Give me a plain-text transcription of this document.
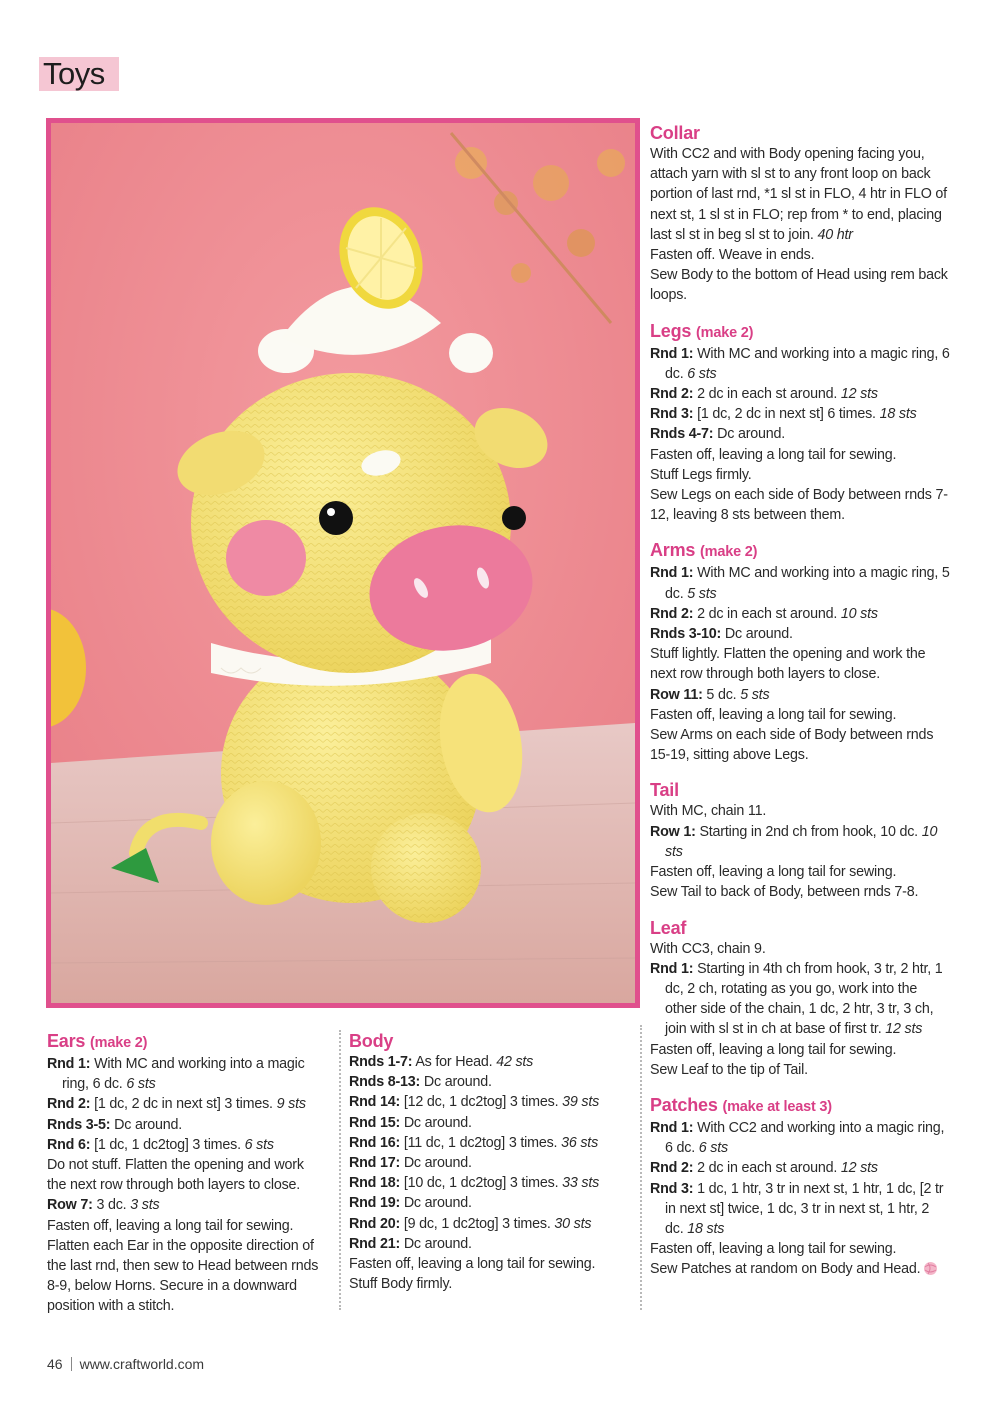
Toys
Collar

With CC2 and with Body opening facing you, attach yarn with sl st to any front loop on back portion of last rnd, *1 sl st in FLO, 4 htr in FLO of next st, 1 sl st in FLO; rep from * to end, placing last sl st in beg sl st to join. 40 htr

Fasten off. Weave in ends.

Sew Body to the bottom of Head using rem back loops.

Legs (make 2)

Rnd 1: With MC and working into a magic ring, 6 dc. 6 sts

Rnd 2: 2 dc in each st around. 12 sts

Rnd 3: [1 dc, 2 dc in next st] 6 times. 18 sts

Rnds 4-7: Dc around.

Fasten off, leaving a long tail for sewing.

Stuff Legs firmly.

Sew Legs on each side of Body between rnds 7-12, leaving 8 sts between them.

Arms (make 2)

Rnd 1: With MC and working into a magic ring, 5 dc. 5 sts

Rnd 2: 2 dc in each st around. 10 sts

Rnds 3-10: Dc around.

Stuff lightly. Flatten the opening and work the next row through both layers to close.

Row 11: 5 dc. 5 sts

Fasten off, leaving a long tail for sewing.

Sew Arms on each side of Body between rnds 15-19, sitting above Legs.

Tail

With MC, chain 11.

Row 1: Starting in 2nd ch from hook, 10 dc. 10 sts

Fasten off, leaving a long tail for sewing.

Sew Tail to back of Body, between rnds 7-8.

Leaf

With CC3, chain 9.

Rnd 1: Starting in 4th ch from hook, 3 tr, 2 htr, 1 dc, 2 ch, rotating as you go, work into the other side of the chain, 1 dc, 2 htr, 3 tr, 3 ch, join with sl st in ch at base of first tr. 12 sts

Fasten off, leaving a long tail for sewing.

Sew Leaf to the tip of Tail.

Patches (make at least 3)

Rnd 1: With CC2 and working into a magic ring, 6 dc. 6 sts

Rnd 2: 2 dc in each st around. 12 sts

Rnd 3: 1 dc, 1 htr, 3 tr in next st, 1 htr, 1 dc, [2 tr in next st] twice, 1 dc, 3 tr in next st, 1 htr, 2 dc. 18 sts

Fasten off, leaving a long tail for sewing.

Sew Patches at random on Body and Head.

Ears (make 2)

Rnd 1: With MC and working into a magic ring, 6 dc. 6 sts

Rnd 2: [1 dc, 2 dc in next st] 3 times. 9 sts

Rnds 3-5: Dc around.

Rnd 6: [1 dc, 1 dc2tog] 3 times. 6 sts

Do not stuff. Flatten the opening and work the next row through both layers to close.

Row 7: 3 dc. 3 sts

Fasten off, leaving a long tail for sewing. Flatten each Ear in the opposite direction of the last rnd, then sew to Head between rnds 8-9, below Horns. Secure in a downward position with a stitch.

Body

Rnds 1-7: As for Head. 42 sts

Rnds 8-13: Dc around.

Rnd 14: [12 dc, 1 dc2tog] 3 times. 39 sts

Rnd 15: Dc around.

Rnd 16: [11 dc, 1 dc2tog] 3 times. 36 sts

Rnd 17: Dc around.

Rnd 18: [10 dc, 1 dc2tog] 3 times. 33 sts

Rnd 19: Dc around.

Rnd 20: [9 dc, 1 dc2tog] 3 times. 30 sts

Rnd 21: Dc around.

Fasten off, leaving a long tail for sewing.

Stuff Body firmly.

46 www.craftworld.com
